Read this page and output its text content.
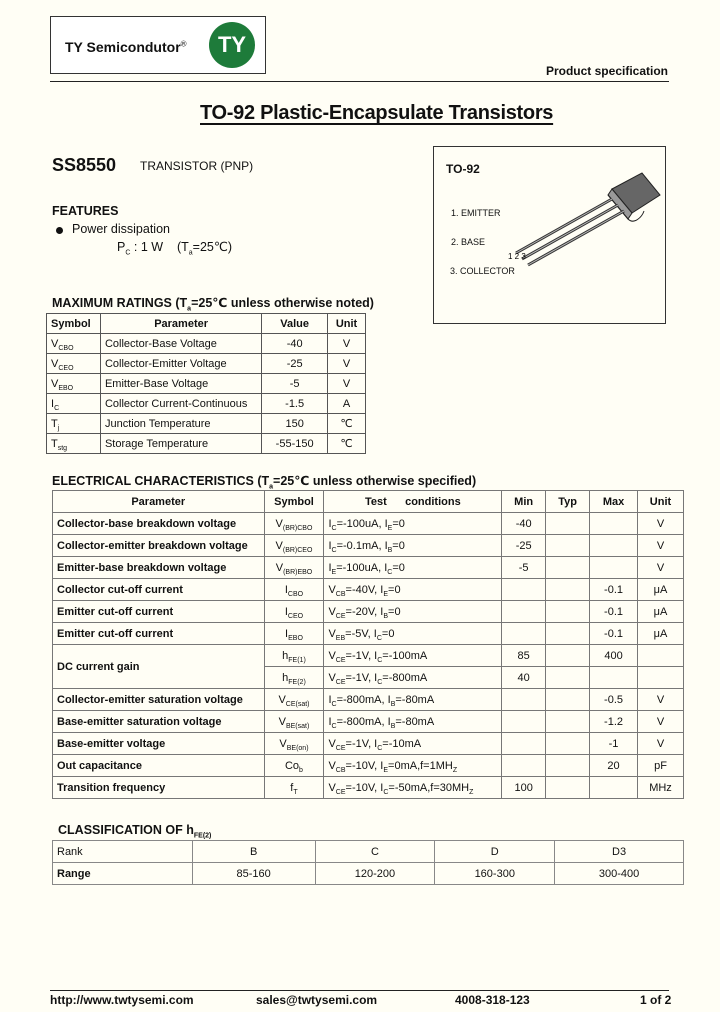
TY Semicondutor®	TY
Product specification
TO-92 Plastic-Encapsulate Transistors
SS8550 TRANSISTOR (PNP)
FEATURES
Power dissipation
$P_C$ : 1 W    $(T_a=25℃)$
TO-92
1. EMITTER
2. BASE
3. COLLECTOR
1 2 3
MAXIMUM RATINGS ($T_a=25℃$ unless otherwise noted)
Symbol	Parameter	Value	Unit
$V_{CBO}$	Collector-Base Voltage	-40	V
$V_{CEO}$	Collector-Emitter Voltage	-25	V
$V_{EBO}$	Emitter-Base Voltage	-5	V
$I_C$	Collector Current-Continuous	-1.5	A
$T_j$	Junction Temperature	150	℃
$T_{stg}$	Storage Temperature	-55-150	℃
ELECTRICAL CHARACTERISTICS ($T_a=25℃$ unless otherwise specified)
Parameter	Symbol	Test      conditions	Min	Typ	Max	Unit
Collector-base breakdown voltage	$V_{(BR)CBO}$	$I_C=-100uA$, $I_E=0$	-40			V
Collector-emitter breakdown voltage	$V_{(BR)CEO}$	$I_C=-0.1mA$, $I_B=0$	-25			V
Emitter-base breakdown voltage	$V_{(BR)EBO}$	$I_E=-100uA$, $I_C=0$	-5			V
Collector cut-off current	$I_{CBO}$	$V_{CB}=-40V$, $I_E=0$			-0.1	μA
Emitter cut-off current	$I_{CEO}$	$V_{CE}=-20V$, $I_B=0$			-0.1	μA
Emitter cut-off current	$I_{EBO}$	$V_{EB}=-5V$, $I_C=0$			-0.1	μA
DC current gain	$h_{FE(1)}$	$V_{CE}=-1V$, $I_C=-100mA$	85		400	
	$h_{FE(2)}$	$V_{CE}=-1V$, $I_C=-800mA$	40			
Collector-emitter saturation voltage	$V_{CE(sat)}$	$I_C=-800mA$, $I_B=-80mA$			-0.5	V
Base-emitter saturation voltage	$V_{BE(sat)}$	$I_C=-800mA$, $I_B=-80mA$			-1.2	V
Base-emitter voltage	$V_{BE(on)}$	$V_{CE}=-1V$, $I_C=-10mA$			-1	V
Out capacitance	$Co_b$	$V_{CB}=-10V$, $I_E=0mA,f=1MH_Z$			20	pF
Transition frequency	$f_T$	$V_{CE}=-10V$, $I_C=-50mA,f=30MH_Z$	100			MHz
CLASSIFICATION OF $h_{FE(2)}$
Rank	B	C	D	D3
Range	85-160	120-200	160-300	300-400
http://www.twtysemi.com	sales@twtysemi.com	4008-318-123	1 of 2
